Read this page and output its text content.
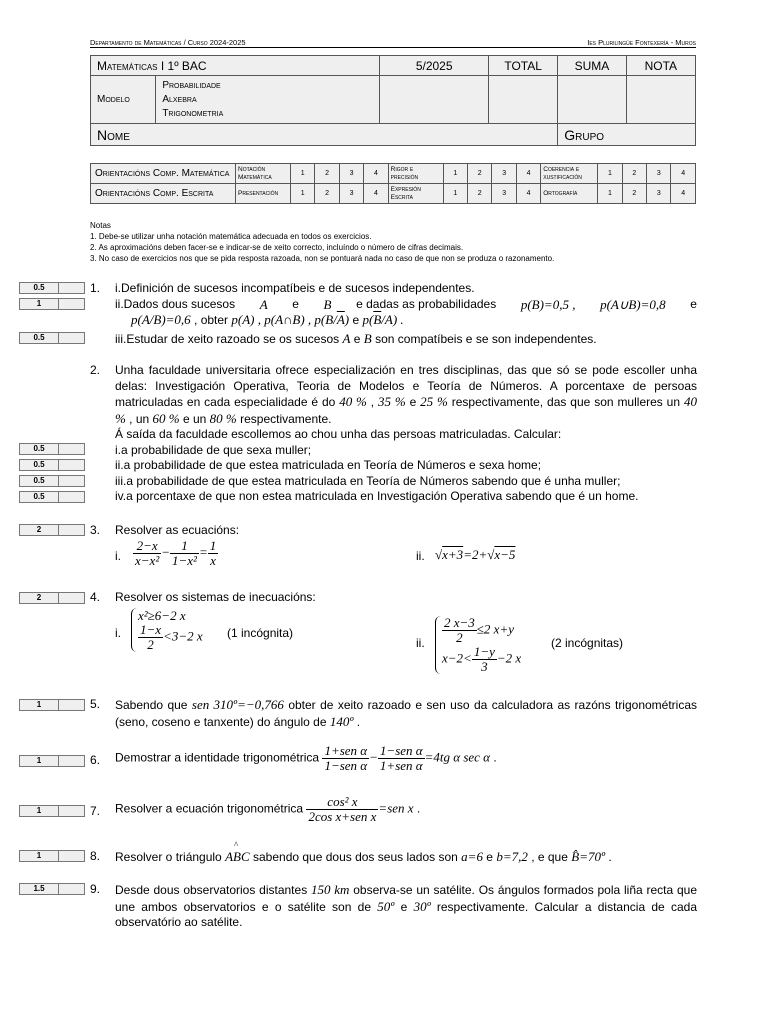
Departamento de Matemáticas / Curso 2024-2025	Ies Plurilingüe Fontexería - Muros
Matemáticas I 1º BAC		5/2025	TOTAL	SUMA	NOTA
Modelo	Probabilidade
Alxebra
Trigonometria				

Nome				Grupo	
Orientacións Comp. Matemática	Notación Matemática	1	2	3	4	Rigor e precisión	1	2	3	4	Coerencia e xustificación	1	2	3	4
Orientacións Comp. Escrita	Presentación	1	2	3	4	Expresión Escrita	1	2	3	4	Ortografía	1	2	3	4
Notas
1. Debe-se utilizar unha notación matemática adecuada en todos os exercicios.
2. As aproximacións deben facer-se e indicar-se de xeito correcto, incluíndo o número de cifras decimais.
3. No caso de exercicios nos que se pida resposta razoada, non se pontuará nada no caso de que non se produza o razonamento.
0.5
1
0.5
0.5
0.5
0.5
0.5
2
2
1
1
1
1
1.5
1. i.Definición de sucesos incompatíbeis e de sucesos independentes.
ii.Dados dous sucesos A e B e dadas as probabilidades p(B)=0,5 , p(A∪B)=0,8 e
p(A/B)=0,6 , obter p(A) , p(A∩B) , $p(B/\overline{A})$ e $p(\overline{B}/A)$ .
iii.Estudar de xeito razoado se os sucesos A e B son compatíbeis e se son independentes.
2. Unha faculdade universitaria ofrece especialización en tres disciplinas, das que só se pode escoller unha delas: Investigación Operativa, Teoria de Modelos e Teoría de Números. A porcentaxe de persoas matriculadas en cada especialidade é do 40 % , 35 % e 25 % respectivamente, das que son mulleres un 40 % , un 60 % e un 80 % respectivamente.
Á saída da faculdade escollemos ao chou unha das persoas matriculadas. Calcular:
i.a probabilidade de que sexa muller;
ii.a probabilidade de que estea matriculada en Teoría de Números e sexa home;
iii.a probabilidade de que estea matriculada en Teoría de Números sabendo que é unha muller;
iv.a porcentaxe de que non estea matriculada en Investigación Operativa sabendo que é un home.
3. Resolver as ecuacións:
i. $\frac{2-x}{\text{x−x²}} - \frac{1}{\text{1−x²}} = \frac{1}{x}$	ii. √x+3=2+√x−5
4. Resolver os sistemas de inecuacións:
i.
x²≥6−2 x
$\frac{1-x}{2} <3-2$ x (1 incógnita)
ii. $\frac{2 x-3}{2} \le 2$ x+y
$x-2< \frac{1-y}{3} -2$ x
(2 incógnitas)
5. Sabendo que sen 310º=−0,766 obter de xeito razoado e sen uso da calculadora as razóns trigonométricas (seno, coseno e tanxente) do ángulo de 140º .
6. Demostrar a identidade trigonométrica $\frac{\text{1+sen α}}{\text{1−sen α}} - \frac{\text{1−sen α}}{\text{1+sen α}} =4tg$ α sec α .
7. Resolver a ecuación trigonométrica $\frac{\text{cos² x}}{\text{2cos x+sen x}} =sen$ x .
8. Resolver o triángulo AB
^
C sabendo que dous dos seus lados son a=6 e b=7,2 , e que B̂=70º .
9. Desde dous observatorios distantes 150 km observa-se un satélite. Os ángulos formados pola liña recta que une ambos observatorios e o satélite son de 50º e 30º respectivamente. Calcular a distancia de cada observatório ao satélite.
